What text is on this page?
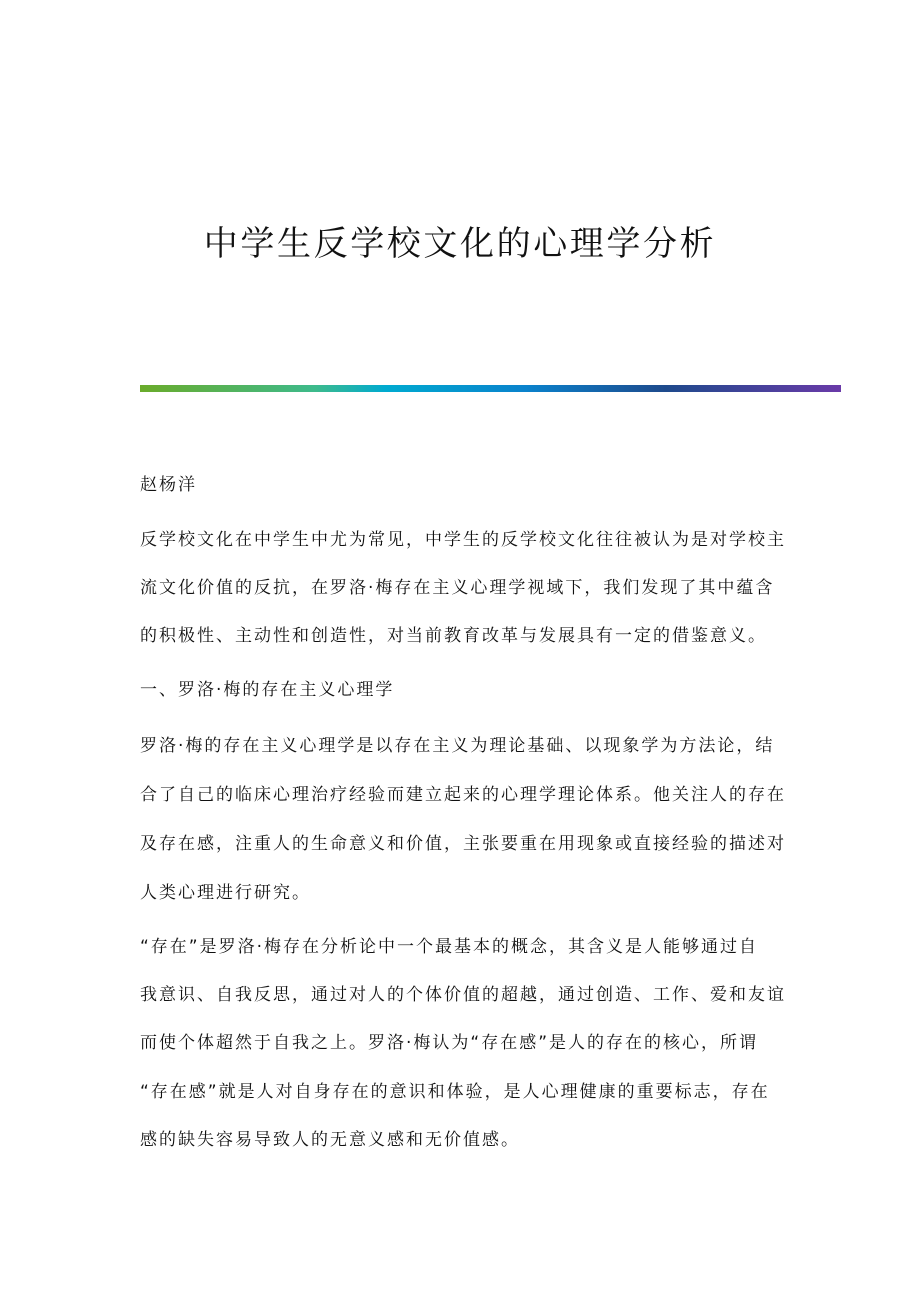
中学生反学校文化的心理学分析
赵杨洋
反学校文化在中学生中尤为常见，中学生的反学校文化往往被认为是对学校主
流文化价值的反抗，在罗洛·梅存在主义心理学视域下，我们发现了其中蕴含
的积极性、主动性和创造性，对当前教育改革与发展具有一定的借鉴意义。
一、罗洛·梅的存在主义心理学
罗洛·梅的存在主义心理学是以存在主义为理论基础、以现象学为方法论，结
合了自己的临床心理治疗经验而建立起来的心理学理论体系。他关注人的存在
及存在感，注重人的生命意义和价值，主张要重在用现象或直接经验的描述对
人类心理进行研究。
“存在”是罗洛·梅存在分析论中一个最基本的概念，其含义是人能够通过自
我意识、自我反思，通过对人的个体价值的超越，通过创造、工作、爱和友谊
而使个体超然于自我之上。罗洛·梅认为“存在感”是人的存在的核心，所谓
“存在感”就是人对自身存在的意识和体验，是人心理健康的重要标志，存在
感的缺失容易导致人的无意义感和无价值感。
